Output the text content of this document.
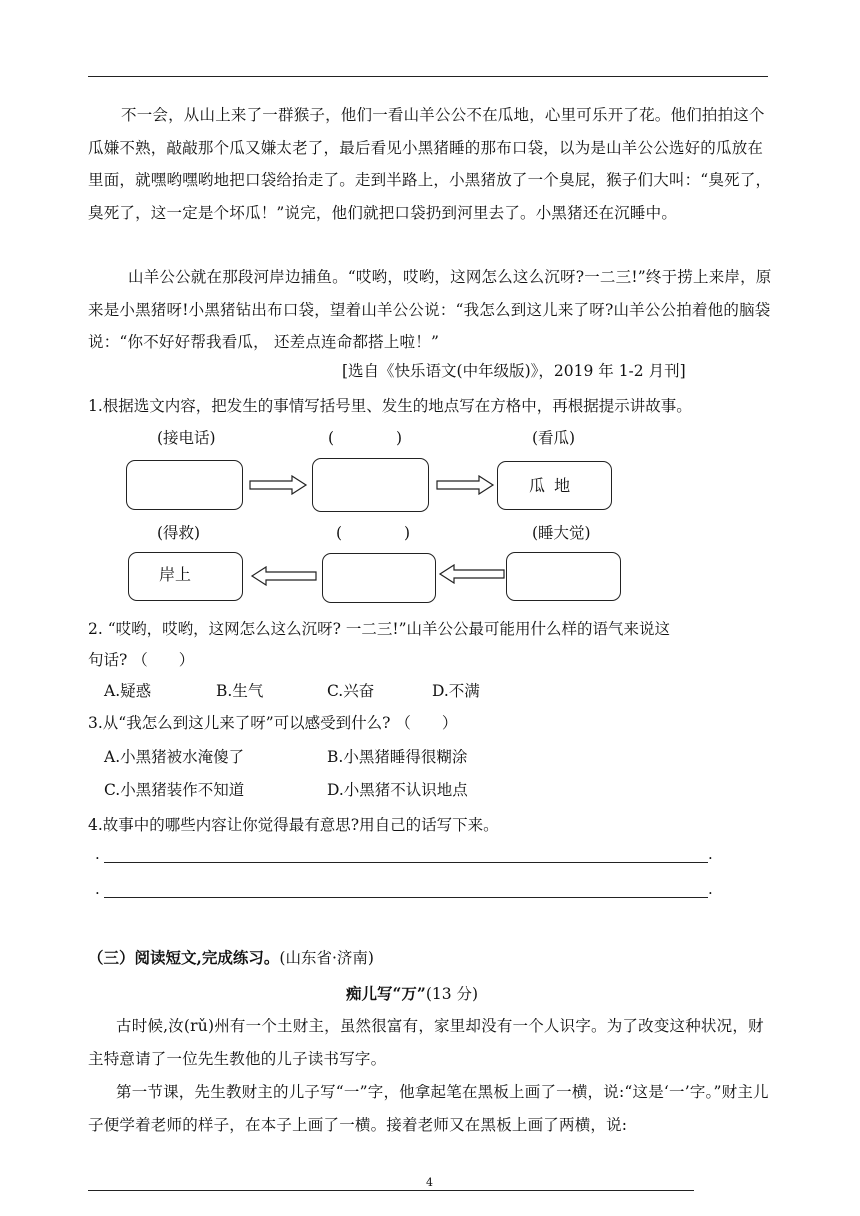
不一会，从山上来了一群猴子，他们一看山羊公公不在瓜地，心里可乐开了花。他们拍拍这个瓜嫌不熟，敲敲那个瓜又嫌太老了，最后看见小黑猪睡的那布口袋，以为是山羊公公选好的瓜放在里面，就嘿哟嘿哟地把口袋给抬走了。走到半路上，小黑猪放了一个臭屁，猴子们大叫：“臭死了， 臭死了，这一定是个坏瓜！”说完，他们就把口袋扔到河里去了。小黑猪还在沉睡中。
山羊公公就在那段河岸边捕鱼。“哎哟，哎哟，这网怎么这么沉呀?一二三!”终于捞上来岸，原来是小黑猪呀!小黑猪钻出布口袋，望着山羊公公说：“我怎么到这儿来了呀?山羊公公拍着他的脑袋说：“你不好好帮我看瓜， 还差点连命都搭上啦！”
[选自《快乐语文(中年级版)》，2019 年 1-2 月刊]
1.根据选文内容，把发生的事情写括号里、发生的地点写在方格中，再根据提示讲故事。
(接电话)	(　　　　)	(看瓜)
瓜 地
(得救)	(　　　　)	(睡大觉)
岸上
2. “哎哟，哎哟，这网怎么这么沉呀? 一二三!”山羊公公最可能用什么样的语气来说这
句话? （　　）
A.疑惑	B.生气	C.兴奋	D.不满
3.从“我怎么到这儿来了呀”可以感受到什么? （　　）
A.小黑猪被水淹傻了	B.小黑猪睡得很糊涂
C.小黑猪装作不知道	D.小黑猪不认识地点
4.故事中的哪些内容让你觉得最有意思?用自己的话写下来。
.	.
.	.
（三）阅读短文,完成练习。(山东省·济南)
痴儿写“万”(13 分)
古时候,汝(rǔ)州有一个土财主，虽然很富有，家里却没有一个人识字。为了改变这种状况，财主特意请了一位先生教他的儿子读书写字。
第一节课，先生教财主的儿子写“一”字，他拿起笔在黑板上画了一横，说:“这是‘一’字。”财主儿子便学着老师的样子，在本子上画了一横。接着老师又在黑板上画了两横，说:
4
